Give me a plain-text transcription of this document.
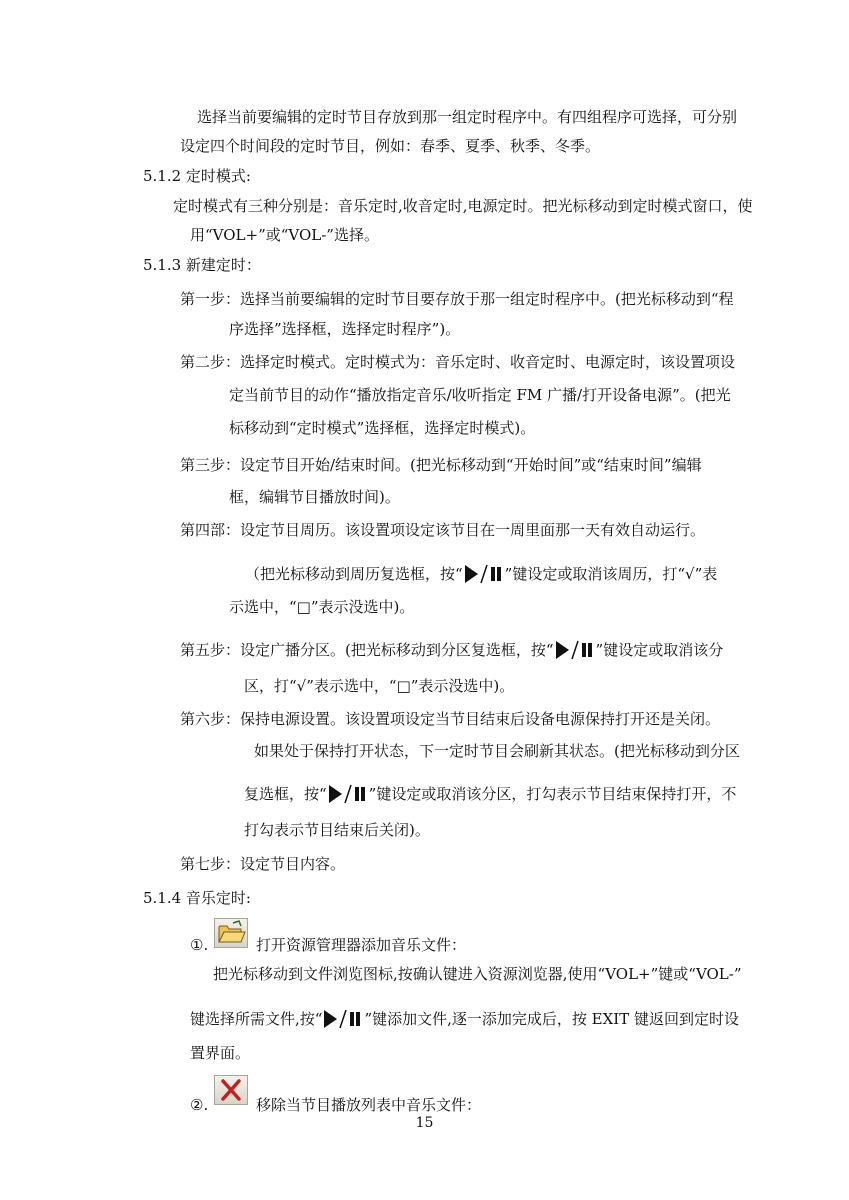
选择当前要编辑的定时节目存放到那一组定时程序中。有四组程序可选择，可分别
设定四个时间段的定时节目，例如：春季、夏季、秋季、冬季。
5.1.2 定时模式:
定时模式有三种分别是：音乐定时,收音定时,电源定时。把光标移动到定时模式窗口，使
用“VOL+”或“VOL-”选择。
5.1.3 新建定时：
第一步：选择当前要编辑的定时节目要存放于那一组定时程序中。(把光标移动到“程
序选择”选择框，选择定时程序”)。
第二步：选择定时模式。定时模式为：音乐定时、收音定时、电源定时，该设置项设
定当前节目的动作“播放指定音乐/收听指定 FM 广播/打开设备电源”。(把光
标移动到“定时模式”选择框，选择定时模式)。
第三步：设定节目开始/结束时间。(把光标移动到“开始时间”或“结束时间”编辑
框，编辑节目播放时间)。
第四部：设定节目周历。该设置项设定该节目在一周里面那一天有效自动运行。
（把光标移动到周历复选框，按“	”键设定或取消该周历，打“√”表
示选中，“□”表示没选中)。
第五步：设定广播分区。(把光标移动到分区复选框，按“	”键设定或取消该分
区，打“√”表示选中，“□”表示没选中)。
第六步：保持电源设置。该设置项设定当节目结束后设备电源保持打开还是关闭。
如果处于保持打开状态，下一定时节目会刷新其状态。(把光标移动到分区
复选框，按“	”键设定或取消该分区，打勾表示节目结束保持打开，不
打勾表示节目结束后关闭)。
第七步：设定节目内容。
5.1.4 音乐定时:
①.	打开资源管理器添加音乐文件：
把光标移动到文件浏览图标,按确认键进入资源浏览器,使用“VOL+”键或“VOL-”
键选择所需文件,按“	”键添加文件,逐一添加完成后，按 EXIT 键返回到定时设
置界面。
②.	移除当节目播放列表中音乐文件：
15
